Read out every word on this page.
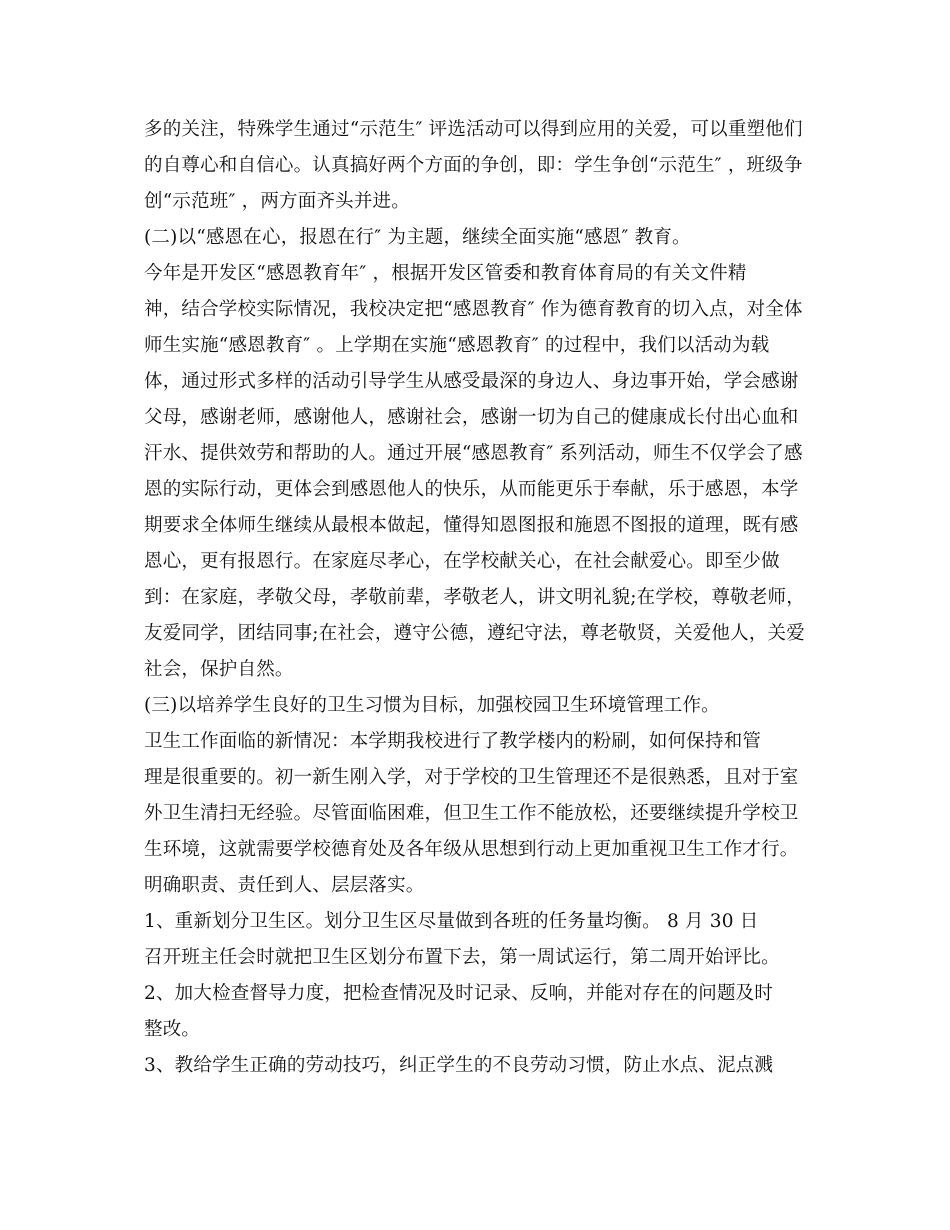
多的关注，特殊学生通过“示范生″ 评选活动可以得到应用的关爱，可以重塑他们

的自尊心和自信心。认真搞好两个方面的争创，即：学生争创“示范生″ ，班级争

创“示范班″ ，两方面齐头并进。

(二)以“感恩在心，报恩在行″ 为主题，继续全面实施“感恩″ 教育。

今年是开发区“感恩教育年″ ，根据开发区管委和教育体育局的有关文件精

神，结合学校实际情况，我校决定把“感恩教育″ 作为德育教育的切入点，对全体

师生实施“感恩教育″ 。上学期在实施“感恩教育″ 的过程中，我们以活动为载

体，通过形式多样的活动引导学生从感受最深的身边人、身边事开始，学会感谢

父母，感谢老师，感谢他人，感谢社会，感谢一切为自己的健康成长付出心血和

汗水、提供效劳和帮助的人。通过开展“感恩教育″ 系列活动，师生不仅学会了感

恩的实际行动，更体会到感恩他人的快乐，从而能更乐于奉献，乐于感恩，本学

期要求全体师生继续从最根本做起，懂得知恩图报和施恩不图报的道理，既有感

恩心，更有报恩行。在家庭尽孝心，在学校献关心，在社会献爱心。即至少做

到：在家庭，孝敬父母，孝敬前辈，孝敬老人，讲文明礼貌;在学校，尊敬老师，

友爱同学，团结同事;在社会，遵守公德，遵纪守法，尊老敬贤，关爱他人，关爱

社会，保护自然。

(三)以培养学生良好的卫生习惯为目标，加强校园卫生环境管理工作。

卫生工作面临的新情况：本学期我校进行了教学楼内的粉刷，如何保持和管

理是很重要的。初一新生刚入学，对于学校的卫生管理还不是很熟悉，且对于室

外卫生清扫无经验。尽管面临困难，但卫生工作不能放松，还要继续提升学校卫

生环境，这就需要学校德育处及各年级从思想到行动上更加重视卫生工作才行。

明确职责、责任到人、层层落实。

1、重新划分卫生区。划分卫生区尽量做到各班的任务量均衡。 8 月 30 日

召开班主任会时就把卫生区划分布置下去，第一周试运行，第二周开始评比。

2、加大检查督导力度，把检查情况及时记录、反响，并能对存在的问题及时

整改。

3、教给学生正确的劳动技巧，纠正学生的不良劳动习惯，防止水点、泥点溅
